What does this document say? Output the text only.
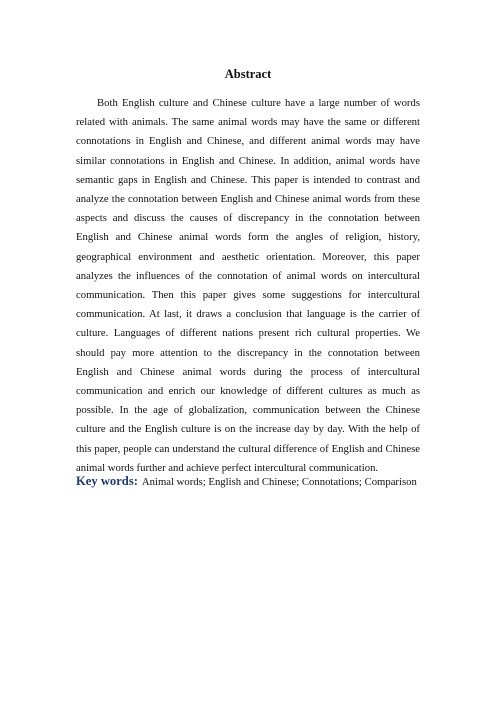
Abstract

Both English culture and Chinese culture have a large number of words related with animals. The same animal words may have the same or different connotations in English and Chinese, and different animal words may have similar connotations in English and Chinese. In addition, animal words have semantic gaps in English and Chinese. This paper is intended to contrast and analyze the connotation between English and Chinese animal words from these aspects and discuss the causes of discrepancy in the connotation between English and Chinese animal words form the angles of religion, history, geographical environment and aesthetic orientation. Moreover, this paper analyzes the influences of the connotation of animal words on intercultural communication. Then this paper gives some suggestions for intercultural communication. At last, it draws a conclusion that language is the carrier of culture. Languages of different nations present rich cultural properties. We should pay more attention to the discrepancy in the connotation between English and Chinese animal words during the process of intercultural communication and enrich our knowledge of different cultures as much as possible. In the age of globalization, communication between the Chinese culture and the English culture is on the increase day by day. With the help of this paper, people can understand the cultural difference of English and Chinese animal words further and achieve perfect intercultural communication.

Key words: Animal words; English and Chinese; Connotations; Comparison
